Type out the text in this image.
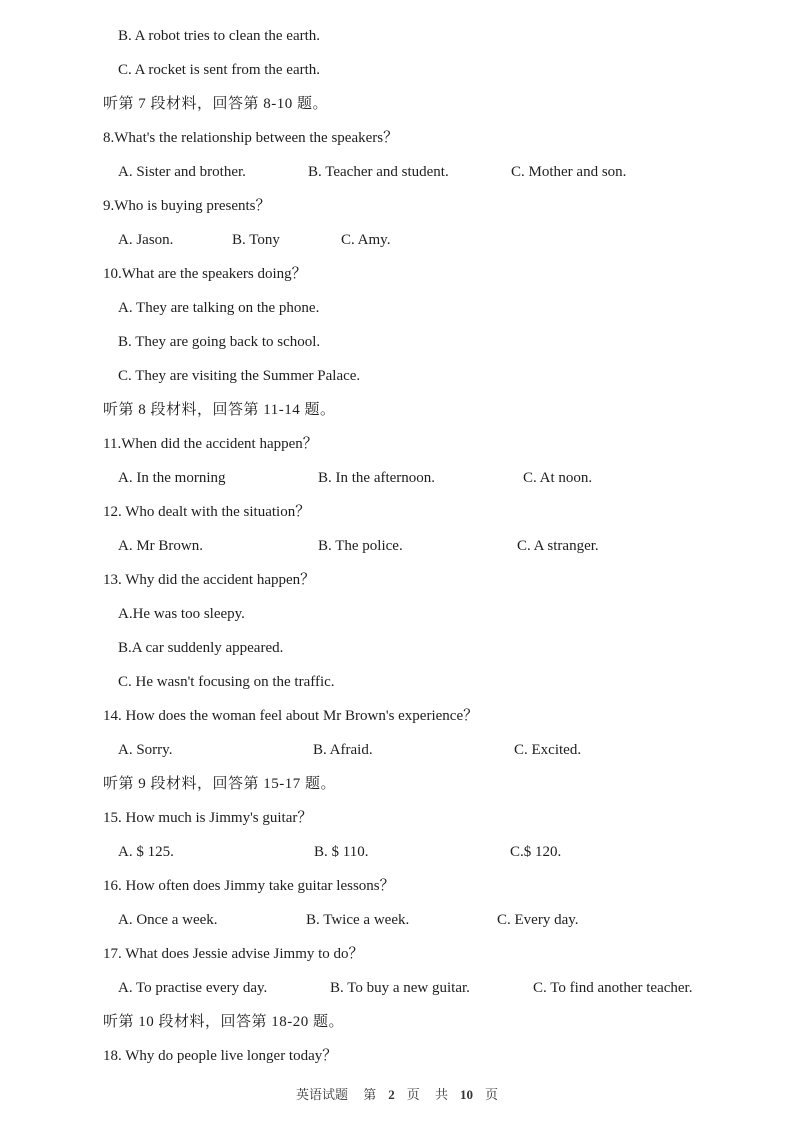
B. A robot tries to clean the earth.
C. A rocket is sent from the earth.
听第 7 段材料，回答第 8-10 题。
8.What's the relationship between the speakers？
A. Sister and brother.	B. Teacher and student.	C. Mother and son.
9.Who is buying presents？
A. Jason.	B. Tony	C. Amy.
10.What are the speakers doing？
A. They are talking on the phone.
B. They are going back to school.
C. They are visiting the Summer Palace.
听第 8 段材料，回答第 11-14 题。
11.When did the accident happen？
A. In the morning	B. In the afternoon.	C. At noon.
12. Who dealt with the situation？
A. Mr Brown.	B. The police.	C. A stranger.
13. Why did the accident happen？
A.He was too sleepy.
B.A car suddenly appeared.
C. He wasn't focusing on the traffic.
14. How does the woman feel about Mr Brown's experience？
A. Sorry.	B. Afraid.	C. Excited.
听第 9 段材料，回答第 15-17 题。
15. How much is Jimmy's guitar？
A. $ 125.	B. $ 110.	C.$ 120.
16. How often does Jimmy take guitar lessons？
A. Once a week.	B. Twice a week.	C. Every day.
17. What does Jessie advise Jimmy to do？
A. To practise every day.	B. To buy a new guitar.	C. To find another teacher.
听第 10 段材料，回答第 18-20 题。
18. Why do people live longer today？
英语试题 第 2 页 共 10 页
